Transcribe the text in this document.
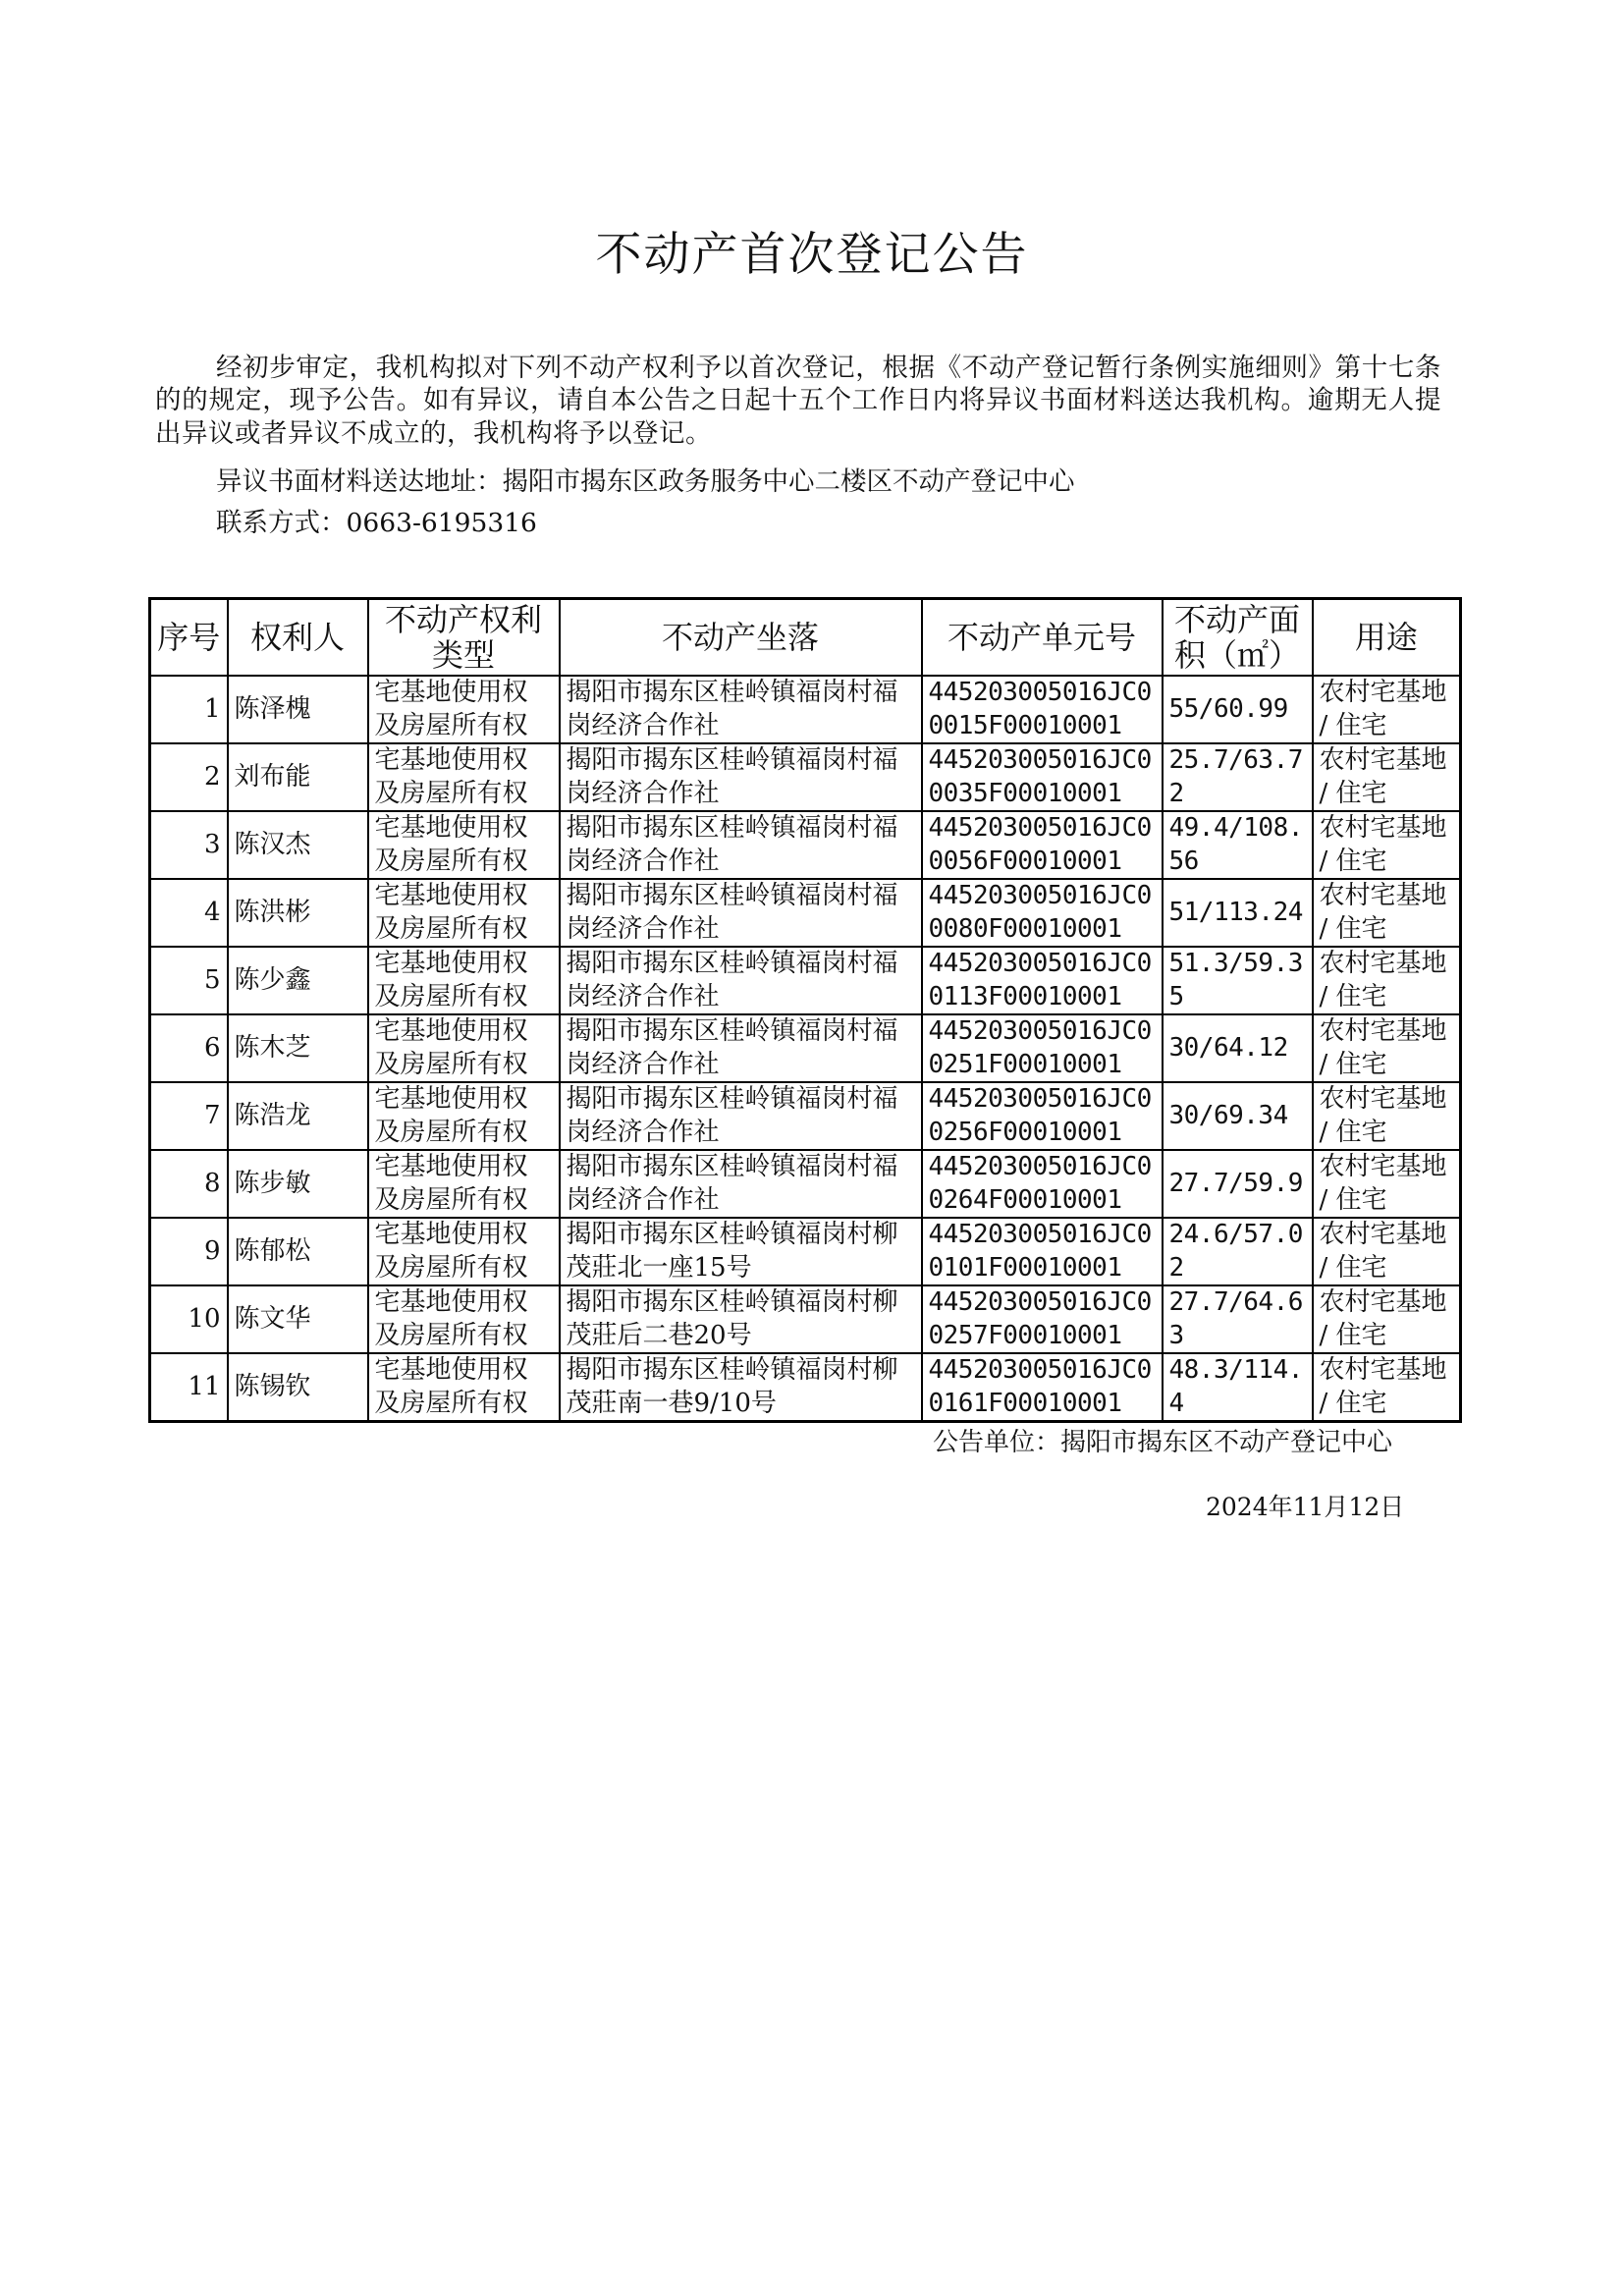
不动产首次登记公告
经初步审定，我机构拟对下列不动产权利予以首次登记，根据《不动产登记暂行条例实施细则》第十七条的的规定，现予公告。如有异议，请自本公告之日起十五个工作日内将异议书面材料送达我机构。逾期无人提出异议或者异议不成立的，我机构将予以登记。
异议书面材料送达地址：揭阳市揭东区政务服务中心二楼区不动产登记中心
联系方式：0663-6195316
序号	权利人	不动产权利类型	不动产坐落	不动产单元号	不动产面积（㎡）	用途
1	陈泽槐	宅基地使用权及房屋所有权	揭阳市揭东区桂岭镇福岗村福岗经济合作社	445203005016JC00015F00010001	55/60.99	农村宅基地 / 住宅
2	刘布能	宅基地使用权及房屋所有权	揭阳市揭东区桂岭镇福岗村福岗经济合作社	445203005016JC00035F00010001	25.7/63.72	农村宅基地 / 住宅
3	陈汉杰	宅基地使用权及房屋所有权	揭阳市揭东区桂岭镇福岗村福岗经济合作社	445203005016JC00056F00010001	49.4/108.56	农村宅基地 / 住宅
4	陈洪彬	宅基地使用权及房屋所有权	揭阳市揭东区桂岭镇福岗村福岗经济合作社	445203005016JC00080F00010001	51/113.24	农村宅基地 / 住宅
5	陈少鑫	宅基地使用权及房屋所有权	揭阳市揭东区桂岭镇福岗村福岗经济合作社	445203005016JC00113F00010001	51.3/59.35	农村宅基地 / 住宅
6	陈木芝	宅基地使用权及房屋所有权	揭阳市揭东区桂岭镇福岗村福岗经济合作社	445203005016JC00251F00010001	30/64.12	农村宅基地 / 住宅
7	陈浩龙	宅基地使用权及房屋所有权	揭阳市揭东区桂岭镇福岗村福岗经济合作社	445203005016JC00256F00010001	30/69.34	农村宅基地 / 住宅
8	陈步敏	宅基地使用权及房屋所有权	揭阳市揭东区桂岭镇福岗村福岗经济合作社	445203005016JC00264F00010001	27.7/59.9	农村宅基地 / 住宅
9	陈郁松	宅基地使用权及房屋所有权	揭阳市揭东区桂岭镇福岗村柳茂莊北一座15号	445203005016JC00101F00010001	24.6/57.02	农村宅基地 / 住宅
10	陈文华	宅基地使用权及房屋所有权	揭阳市揭东区桂岭镇福岗村柳茂莊后二巷20号	445203005016JC00257F00010001	27.7/64.63	农村宅基地 / 住宅
11	陈锡钦	宅基地使用权及房屋所有权	揭阳市揭东区桂岭镇福岗村柳茂莊南一巷9/10号	445203005016JC00161F00010001	48.3/114.4	农村宅基地 / 住宅
公告单位：揭阳市揭东区不动产登记中心
2024年11月12日
